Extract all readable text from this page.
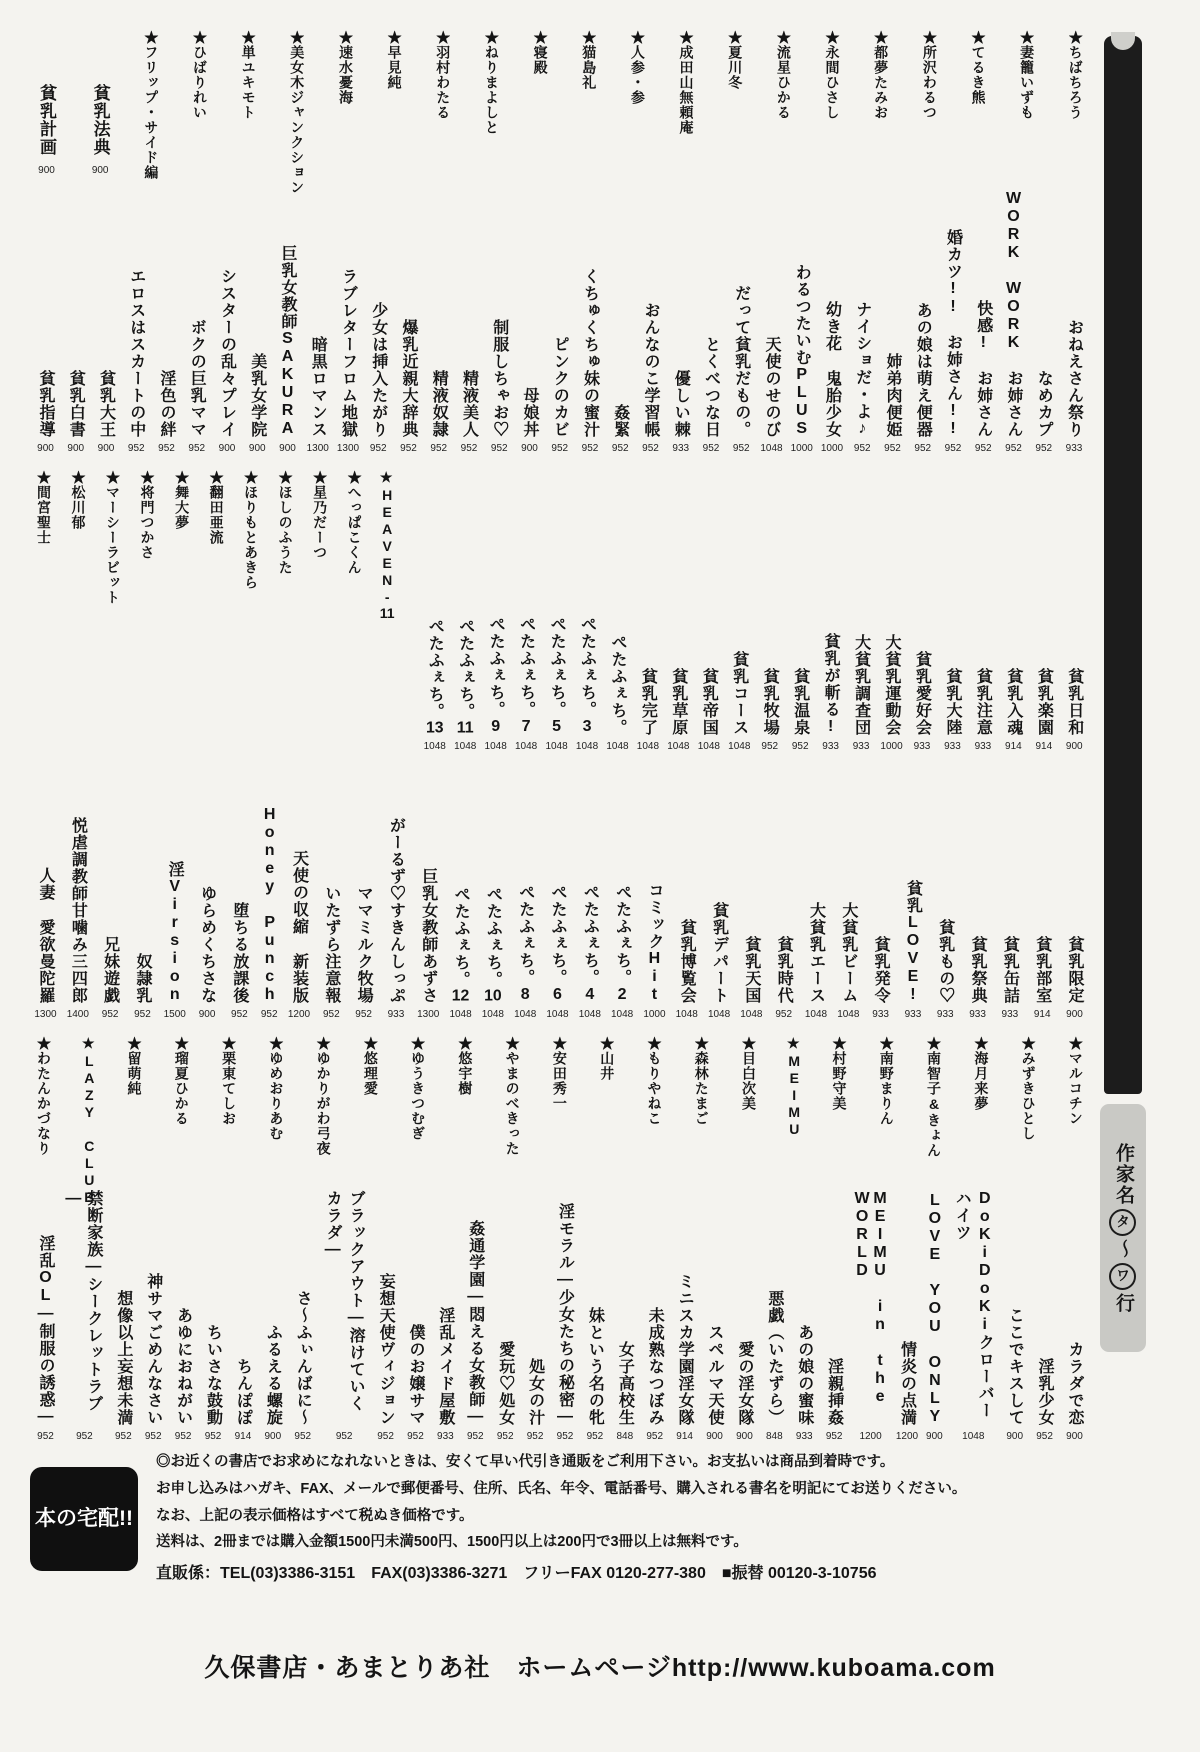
作家名タ〜ワ行
★ちばちろう
★妻籠いずも
★てるき熊
★所沢わるつ
★都夢たみお
★永間ひさし
★流星ひかる
★夏川冬
★成田山無頼庵
★人参・参
★猫島礼
★寝殿
★ねりまよしと
★羽村わたる
★早見純
★速水憂海
★美女木ジャンクション
★単ユキモト
★ひばりれい
★フリップ・サイド編
貧乳法典
900
貧乳計画
900
おねえさん祭り
933
なめカプ
952
WORK WORK お姉さん
952
快感! お姉さん
952
婚カツ!! お姉さん!!
952
あの娘は萌え便器
952
姉弟肉便姫
952
ナイショだ・よ♪
952
幼き花 鬼胎少女
1000
わるつたいむPLUS
1000
天使のせのび
1048
だって貧乳だもの。
952
とくべつな日
952
優しい棘
933
おんなのこ学習帳
952
姦緊
952
くちゅくちゅ妹の蜜汁
952
ピンクのカビ
952
母娘丼
900
制服しちゃお♡
952
精液美人
952
精液奴隷
952
爆乳近親大辞典
952
少女は挿入たがり
952
ラブレターフロム地獄
1300
暗黒ロマンス
1300
巨乳女教師SAKURA
900
美乳女学院
900
シスターの乱々プレイ
900
ボクの巨乳ママ
952
淫色の絆
952
エロスはスカートの中
952
貧乳大王
900
貧乳白書
900
貧乳指導
900
貧乳日和
900
貧乳楽園
914
貧乳入魂
914
貧乳注意
933
貧乳大陸
933
貧乳愛好会
933
大貧乳運動会
1000
大貧乳調査団
933
貧乳が斬る!
933
貧乳温泉
952
貧乳牧場
952
貧乳コース
1048
貧乳帝国
1048
貧乳草原
1048
貧乳完了
1048
ぺたふぇち。
1048
ぺたふぇち。3
1048
ぺたふぇち。5
1048
ぺたふぇち。7
1048
ぺたふぇち。9
1048
ぺたふぇち。11
1048
ぺたふぇち。13
1048
★HEAVEN-11
★へっぱこくん
★星乃だーつ
★ほしのふうた
★ほりもとあきら
★翻田亜流
★舞大夢
★将門つかさ
★マーシーラビット
★松川郁
★間宮聖士
貧乳限定
900
貧乳部室
914
貧乳缶詰
933
貧乳祭典
933
貧乳もの♡
933
貧乳LOVE!
933
貧乳発令
933
大貧乳ビーム
1048
大貧乳エース
1048
貧乳時代
952
貧乳天国
1048
貧乳デパート
1048
貧乳博覧会
1048
コミックHit
1000
ぺたふぇち。2
1048
ぺたふぇち。4
1048
ぺたふぇち。6
1048
ぺたふぇち。8
1048
ぺたふぇち。10
1048
ぺたふぇち。12
1048
巨乳女教師あずさ
1300
がーるず♡すきんしっぷ
933
ママミルク牧場
952
いたずら注意報
952
天使の収縮 新装版
1200
Honey Punch
952
堕ちる放課後
952
ゆらめくちさな
900
淫Virsion
1500
奴隷乳
952
兄妹遊戯
952
悦虐調教師甘噛み三四郎
1400
人妻 愛欲曼陀羅
1300
★マルコチン
★みずきひとし
★海月来夢
★南智子&きょん
★南野まりん
★村野守美
★MEIMU
★目白次美
★森林たまご
★もりやねこ
★山井
★安田秀一
★やまのべきった
★悠宇樹
★ゆうきつむぎ
★悠理愛
★ゆかりがわ弓夜
★ゆめおりあむ
★栗東てしお
★瑠夏ひかる
★留萌純
★LAZY CLUB
★わたんかづなり
カラダで恋
900
淫乳少女
952
ここでキスして
900
DoKiDoKiクローバーハイツ
1048
LOVE YOU ONLY
900
情炎の点満
1200
MEIMU in the WORLD
1200
淫親挿姦
952
あの娘の蜜味
933
悪戯（いたずら）
848
愛の淫女隊
900
スペルマ天使
900
ミニスカ学園淫女隊
914
未成熟なつぼみ
952
女子高校生
848
妹という名の牝
952
淫モラル―少女たちの秘密―
952
処女の汁
952
愛玩♡処女
952
姦通学園―悶える女教師―
952
淫乱メイド屋敷
933
僕のお嬢サマ
952
妄想天使ヴィジョン
952
ブラックアウト―溶けていくカラダ―
952
さ〜ふぃんばに〜
952
ふるえる螺旋
900
ちんぽぽ
914
ちいさな鼓動
952
あゆにおねがい
952
神サマごめんなさい
952
想像以上妄想未満
952
禁断家族―シークレットラブ―
952
淫乱OL―制服の誘惑―
952
本の宅配!!
◎お近くの書店でお求めになれないときは、安くて早い代引き通販をご利用下さい。お支払いは商品到着時です。
お申し込みはハガキ、FAX、メールで郵便番号、住所、氏名、年令、電話番号、購入される書名を明記にてお送りください。
なお、上記の表示価格はすべて税ぬき価格です。
送料は、2冊までは購入金額1500円未満500円、1500円以上は200円で3冊以上は無料です。
直販係：TEL(03)3386-3151　FAX(03)3386-3271　フリーFAX 0120-277-380　■振替 00120-3-10756
久保書店・あまとりあ社　ホームページhttp://www.kuboama.com
